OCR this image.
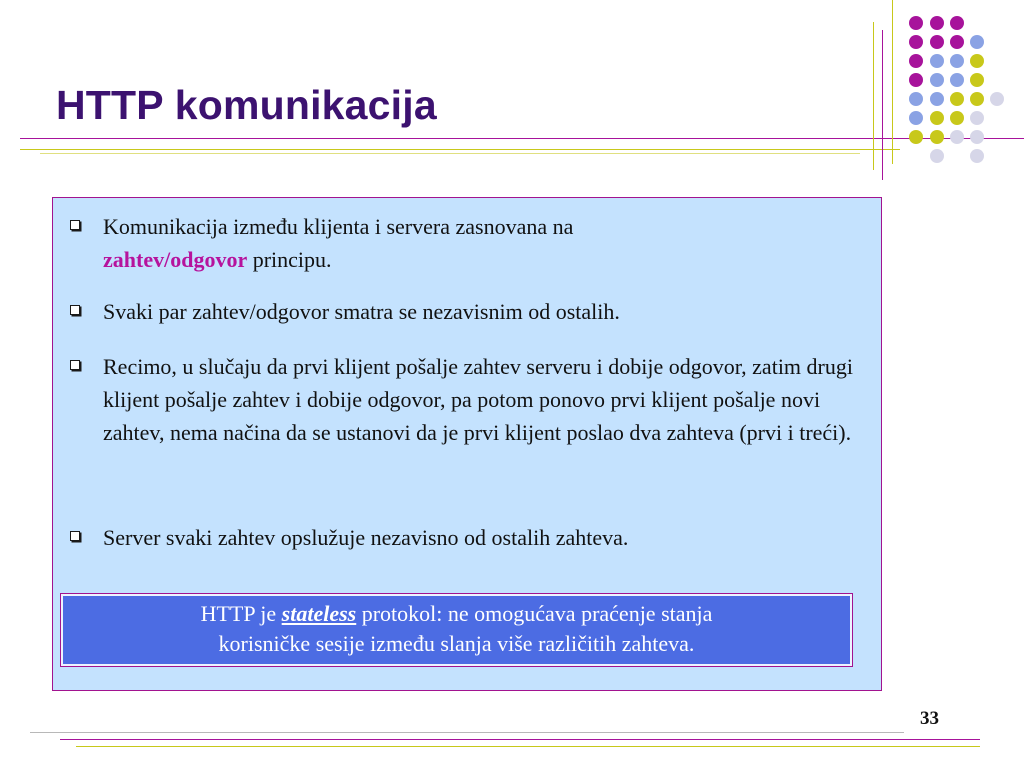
HTTP komunikacija
Komunikacija između klijenta i servera zasnovana na
zahtev/odgovor principu.
Svaki par zahtev/odgovor smatra se nezavisnim od ostalih.
Recimo, u slučaju da prvi klijent pošalje zahtev serveru i dobije odgovor, zatim drugi klijent pošalje zahtev i dobije odgovor, pa potom ponovo prvi klijent pošalje novi zahtev, nema načina da se ustanovi da je prvi klijent poslao dva zahteva (prvi i treći).
Server svaki zahtev opslužuje nezavisno od ostalih zahteva.
HTTP je stateless protokol: ne omogućava praćenje stanja
korisničke sesije između slanja više različitih zahteva.
33
